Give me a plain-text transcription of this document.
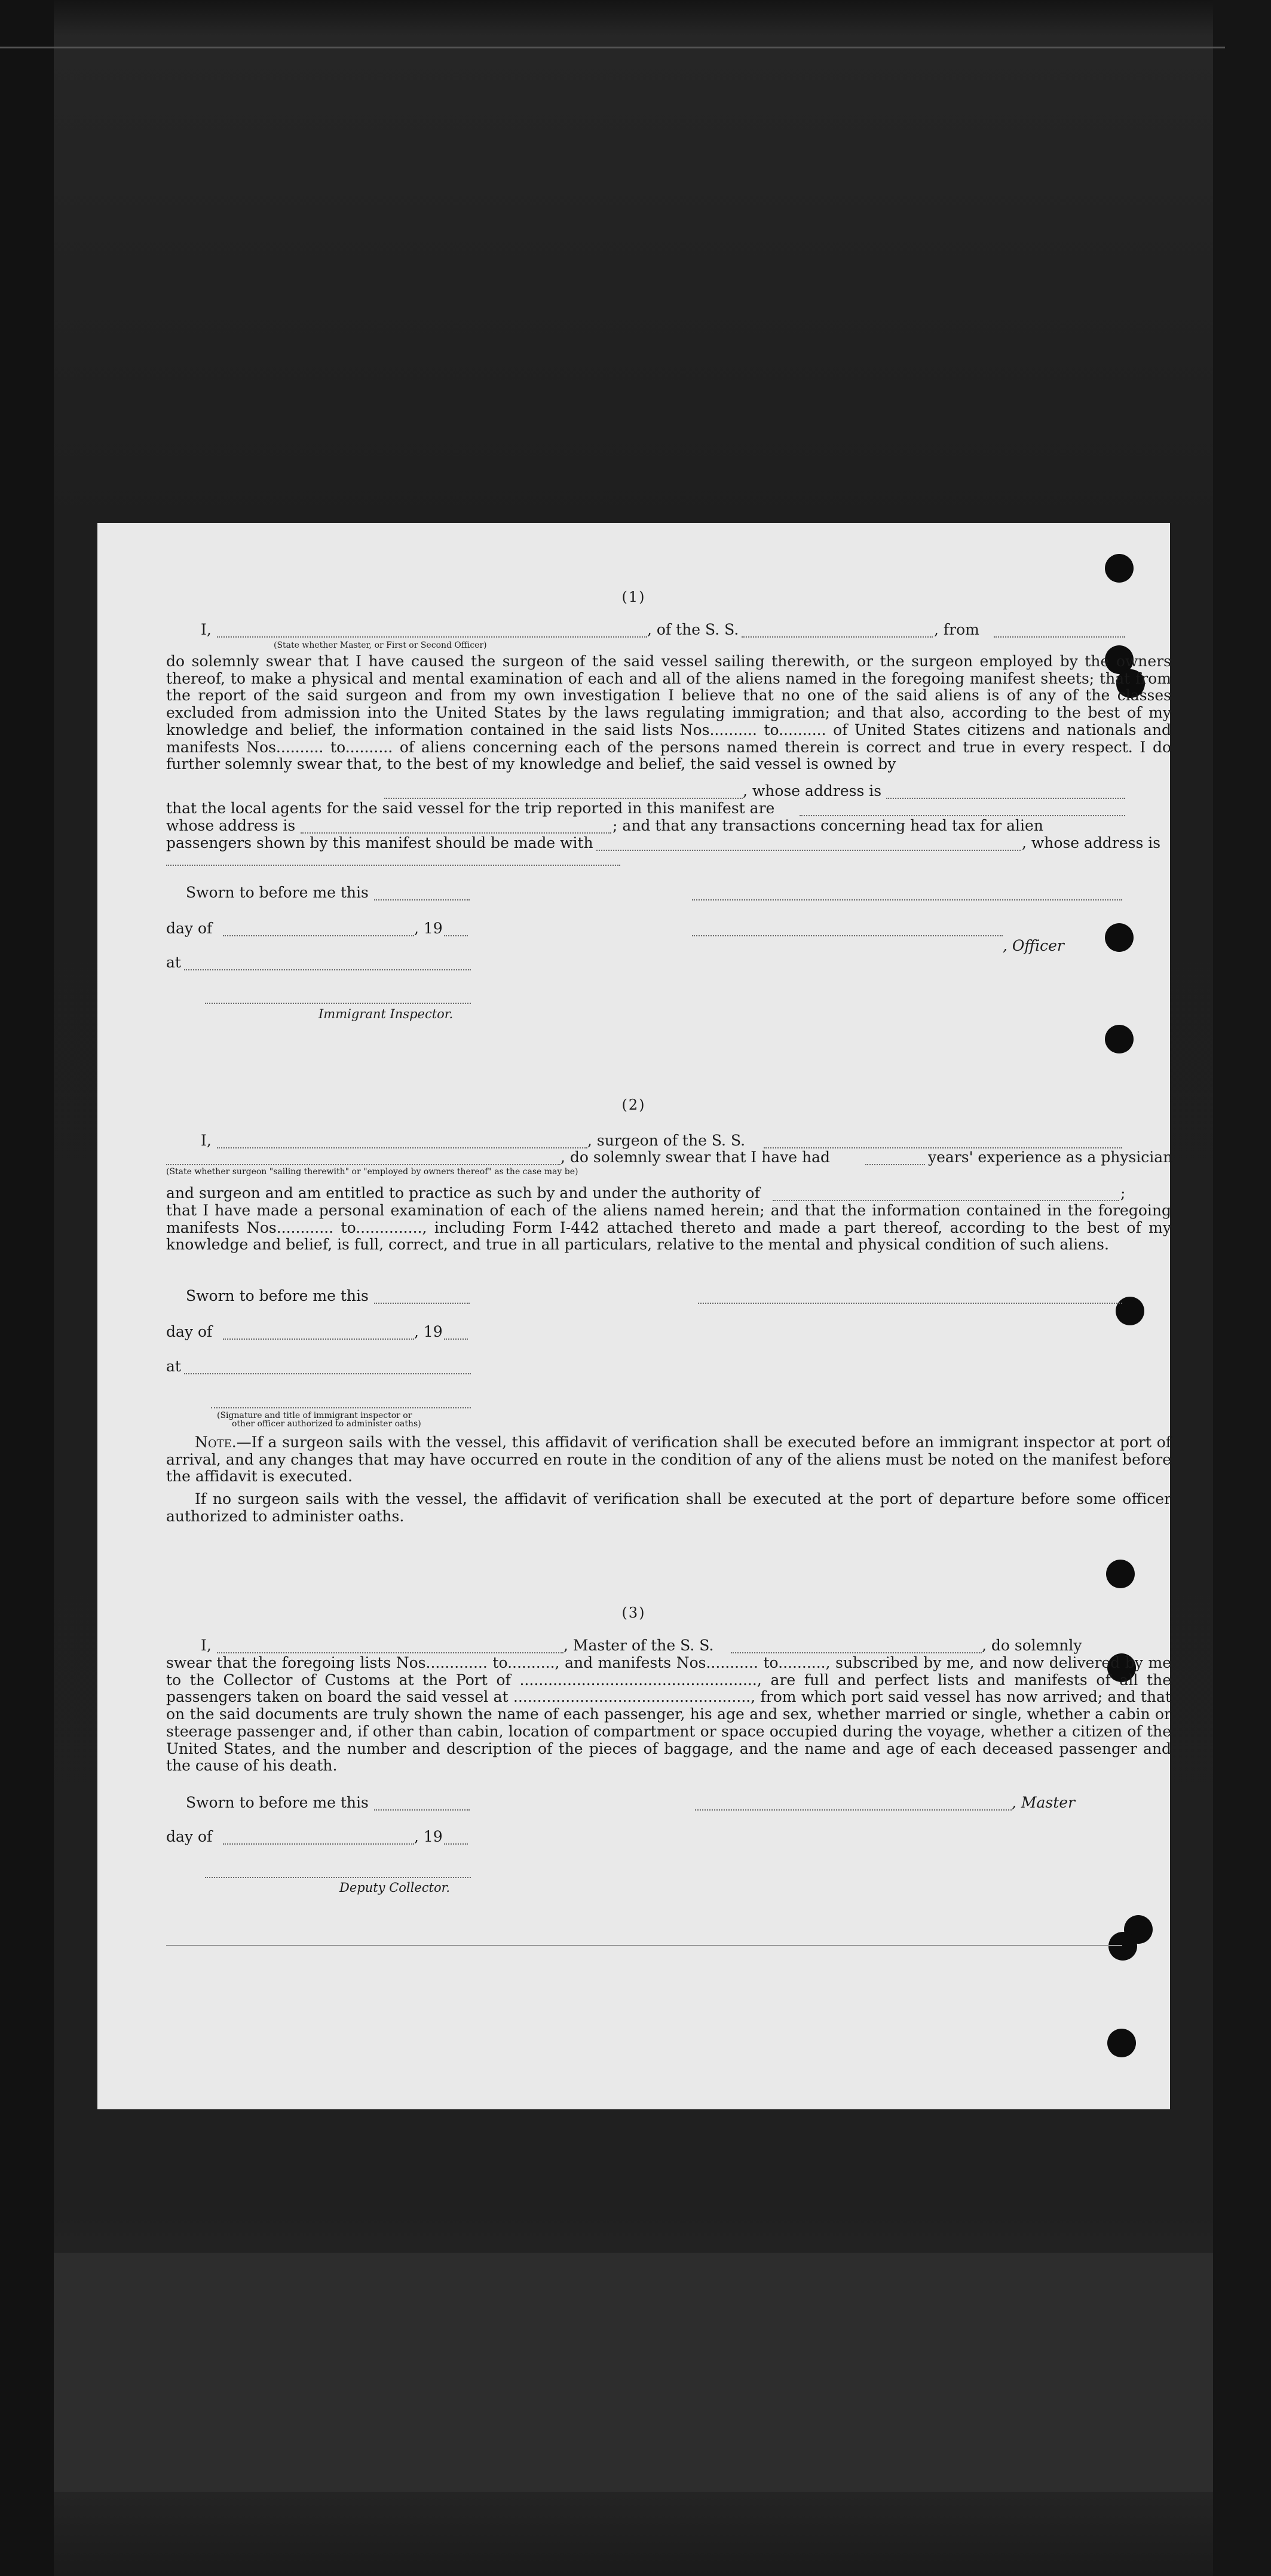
(1)
I,	, of the S. S.	, from
(State whether Master, or First or Second Officer)
do solemnly swear that I have caused the surgeon of the said vessel sailing therewith, or the surgeon employed by the owners thereof, to make a physical and mental examination of each and all of the aliens named in the foregoing manifest sheets; that from the report of the said surgeon and from my own investigation I believe that no one of the said aliens is of any of the classes excluded from admission into the United States by the laws regulating immigration; and that also, according to the best of my knowledge and belief, the information contained in the said lists Nos.......... to.......... of United States citizens and nationals and manifests Nos.......... to.......... of aliens concerning each of the persons named therein is correct and true in every respect. I do further solemnly swear that, to the best of my knowledge and belief, the said vessel is owned by
, whose address is
that the local agents for the said vessel for the trip reported in this manifest are
whose address is	; and that any transactions concerning head tax for alien
passengers shown by this manifest should be made with	, whose address is
Sworn to before me this
day of	, 19
, Officer
at
Immigrant Inspector.
(2)
I,	, surgeon of the S. S.
, do solemnly swear that I have had	years' experience as a physician
(State whether surgeon "sailing therewith" or "employed by owners thereof" as the case may be)
and surgeon and am entitled to practice as such by and under the authority of	;
that I have made a personal examination of each of the aliens named herein; and that the information contained in the foregoing manifests Nos............ to.............., including Form I-442 attached thereto and made a part thereof, according to the best of my knowledge and belief, is full, correct, and true in all particulars, relative to the mental and physical condition of such aliens.
Sworn to before me this
day of	, 19
at
(Signature and title of immigrant inspector or
other officer authorized to administer oaths)
Note.—If a surgeon sails with the vessel, this affidavit of verification shall be executed before an immigrant inspector at port of arrival, and any changes that may have occurred en route in the condition of any of the aliens must be noted on the manifest before the affidavit is executed.
If no surgeon sails with the vessel, the affidavit of verification shall be executed at the port of departure before some officer authorized to administer oaths.
(3)
I,	, Master of the S. S.	, do solemnly
swear that the foregoing lists Nos............. to.........., and manifests Nos........... to.........., subscribed by me, and now delivered by me to the Collector of Customs at the Port of .................................................., are full and perfect lists and manifests of all the passengers taken on board the said vessel at .................................................., from which port said vessel has now arrived; and that on the said documents are truly shown the name of each passenger, his age and sex, whether married or single, whether a cabin or steerage passenger and, if other than cabin, location of compartment or space occupied during the voyage, whether a citizen of the United States, and the number and description of the pieces of baggage, and the name and age of each deceased passenger and the cause of his death.
Sworn to before me this	, Master
day of	, 19
Deputy Collector.
